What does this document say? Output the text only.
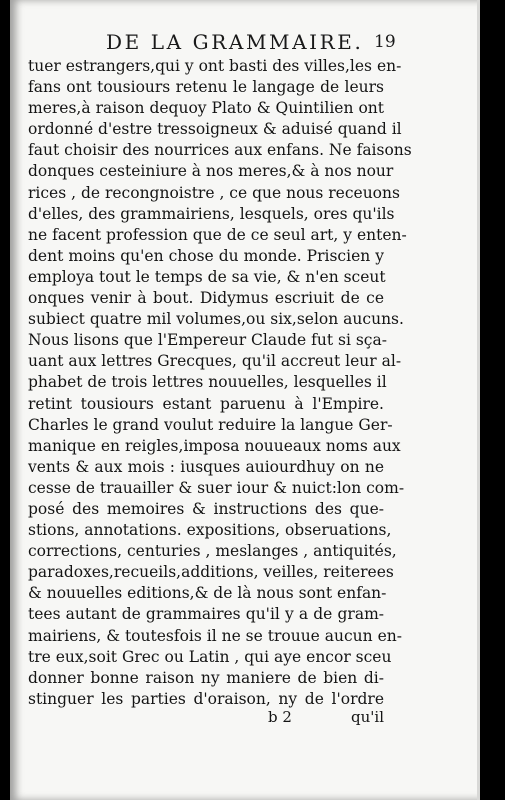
DE LA GRAMMAIRE. 19
tuer estrangers,qui y ont basti des villes,les en-
fans ont tousiours retenu le langage de leurs
meres,à raison dequoy Plato & Quintilien ont
ordonné d'estre tressoigneux & aduisé quand il
faut choisir des nourrices aux enfans. Ne faisons
donques cesteiniure à nos meres,& à nos nour
rices , de recongnoistre , ce que nous receuons
d'elles, des grammairiens, lesquels, ores qu'ils
ne facent profession que de ce seul art, y enten-
dent moins qu'en chose du monde. Priscien y
employa tout le temps de sa vie, & n'en sceut
onques venir à bout. Didymus escriuit de ce
subiect quatre mil volumes,ou six,selon aucuns.
Nous lisons que l'Empereur Claude fut si sça-
uant aux lettres Grecques, qu'il accreut leur al-
phabet de trois lettres nouuelles, lesquelles il
retint tousiours estant paruenu à l'Empire.
Charles le grand voulut reduire la langue Ger-
manique en reigles,imposa nouueaux noms aux
vents & aux mois : iusques auiourdhuy on ne
cesse de trauailler & suer iour & nuict:lon com-
posé des memoires & instructions des que-
stions, annotations. expositions, obseruations,
corrections, centuries , meslanges , antiquités,
paradoxes,recueils,additions, veilles, reiterees
& nouuelles editions,& de là nous sont enfan-
tees autant de grammaires qu'il y a de gram-
mairiens, & toutesfois il ne se trouue aucun en-
tre eux,soit Grec ou Latin , qui aye encor sceu
donner bonne raison ny maniere de bien di-
stinguer les parties d'oraison, ny de l'ordre
b 2	qu'il
